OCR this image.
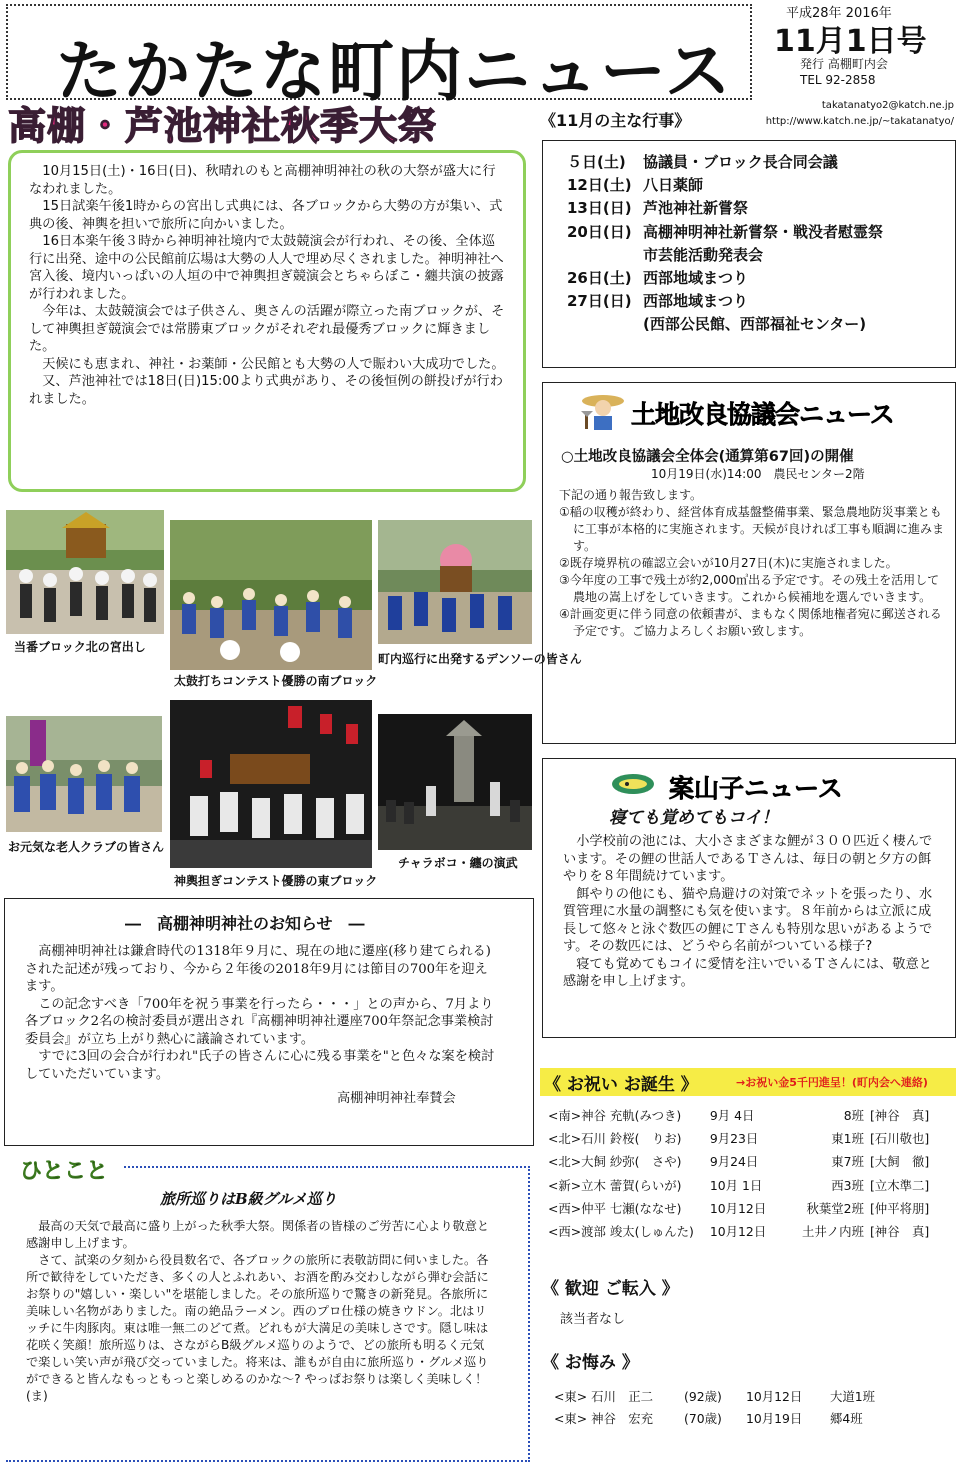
たかたな町内ニュース
平成28年 2016年
11月1日号
発行 高棚町内会
TEL 92-2858
takatanatyo2@katch.ne.jp
http://www.katch.ne.jp/~takatanatyo/
高棚・芦池神社秋季大祭	《11月の主な行事》

10月15日(土)・16日(日)、秋晴れのもと高棚神明神社の秋の大祭が盛大に行なわれました。

15日試楽午後1時からの宮出し式典には、各ブロックから大勢の方が集い、式典の後、神輿を担いで旅所に向かいました。

16日本楽午後３時から神明神社境内で太鼓競演会が行われ、その後、全体巡行に出発、途中の公民館前広場は大勢の人人で埋め尽くされました。神明神社へ宮入後、境内いっぱいの人垣の中で神輿担ぎ競演会とちゃらぼこ・纏共演の披露が行われました。

今年は、太鼓競演会では子供さん、奥さんの活躍が際立った南ブロックが、そして神輿担ぎ競演会では常勝東ブロックがそれぞれ最優秀ブロックに輝きました。

天候にも恵まれ、神社・お薬師・公民館とも大勢の人で賑わい大成功でした。

又、芦池神社では18日(日)15:00より式典があり、その後恒例の餅投げが行われました。

５日(土)	協議員・ブロック長合同会議
12日(土) 八日薬師
13日(日) 芦池神社新嘗祭
20日(日) 高棚神明神社新嘗祭・戦没者慰霊祭
市芸能活動発表会
26日(土) 西部地域まつり
27日(日) 西部地域まつり
(西部公民館、西部福祉センター)
当番ブロック北の宮出し
太鼓打ちコンテスト優勝の南ブロック
町内巡行に出発するデンソーの皆さん
お元気な老人クラブの皆さん
神輿担ぎコンテスト優勝の東ブロック
チャラボコ・纏の演武
土地改良協議会ニュース
○土地改良協議会全体会(通算第67回)の開催
10月19日(水)14:00　農民センター2階
下記の通り報告致します。
①稲の収穫が終わり、経営体育成基盤整備事業、緊急農地防災事業ともに工事が本格的に実施されます。天候が良ければ工事も順調に進みます。
②既存境界杭の確認立会いが10月27日(木)に実施されました。
③今年度の工事で残土が約2,000㎥出る予定です。その残土を活用して農地の嵩上げをしていきます。これから候補地を選んでいきます。
④計画変更に伴う同意の依頼書が、まもなく関係地権者宛に郵送される予定です。ご協力よろしくお願い致します。
案山子ニュース
寝ても覚めてもコイ！

小学校前の池には、大小さまざまな鯉が３００匹近く棲んでいます。その鯉の世話人であるＴさんは、毎日の朝と夕方の餌やりを８年間続けています。

餌やりの他にも、猫や鳥避けの対策でネットを張ったり、水質管理に水量の調整にも気を使います。８年前からは立派に成長して悠々と泳ぐ数匹の鯉にＴさんも特別な思いがあるようです。その数匹には、どうやら名前がついている様子?

寝ても覚めてもコイに愛情を注いでいるＴさんには、敬意と感謝を申し上げます。

―　高棚神明神社のお知らせ　―

高棚神明神社は鎌倉時代の1318年９月に、現在の地に遷座(移り建てられる)された記述が残っており、今から２年後の2018年9月には節目の700年を迎えます。

この記念すべき「700年を祝う事業を行ったら・・・」との声から、7月より各ブロック2名の検討委員が選出され『高棚神明神社遷座700年祭記念事業検討委員会』が立ち上がり熱心に議論されています。

すでに3回の会合が行われ"氏子の皆さんに心に残る事業を"と色々な案を検討していただいています。

高棚神明神社奉賛会
ひとこと
旅所巡りはB級グルメ巡り

最高の天気で最高に盛り上がった秋季大祭。関係者の皆様のご労苦に心より敬意と感謝申し上げます。

さて、試楽の夕刻から役員数名で、各ブロックの旅所に表敬訪問に伺いました。各所で歓待をしていただき、多くの人とふれあい、お酒を酌み交わしながら弾む会話にお祭りの"嬉しい・楽しい"を堪能しました。その旅所巡りで驚きの新発見。各旅所に美味しい名物がありました。南の絶品ラーメン。西のプロ仕様の焼きウドン。北はリッチに牛肉豚肉。東は唯一無二のどて煮。どれもが大満足の美味しさです。隠し味は花咲く笑顔！旅所巡りは、さながらB級グルメ巡りのようで、どの旅所も明るく元気で楽しい笑い声が飛び交っていました。将来は、誰もが自由に旅所巡り・グルメ巡りができると皆んなもっともっと楽しめるのかな～? やっぱお祭りは楽しく美味しく！(ま)

《 お祝い お誕生 》	→お祝い金5千円進呈！(町内会へ連絡)
<南>神谷 充軌(みつき)	9月 4日	8班 [神谷　真]
<北>石川 鈴桜(　りお)	9月23日	東1班 [石川敬也]
<北>大飼 紗弥(　さや)	9月24日	東7班 [大飼　徹]
<新>立木 蕾賀(らいが)	10月 1日	西3班 [立木準二]
<西>仲平 七瀬(ななせ)	10月12日	秋葉堂2班 [仲平将朋]
<西>渡部 竣太(しゅんた)	10月12日	土井ノ内班 [神谷　真]
《 歓迎 ご転入 》
該当者なし
《 お悔み 》
<東> 石川　正二	(92歳)	10月12日	大道1班
<東> 神谷　宏充	(70歳)	10月19日	郷4班
